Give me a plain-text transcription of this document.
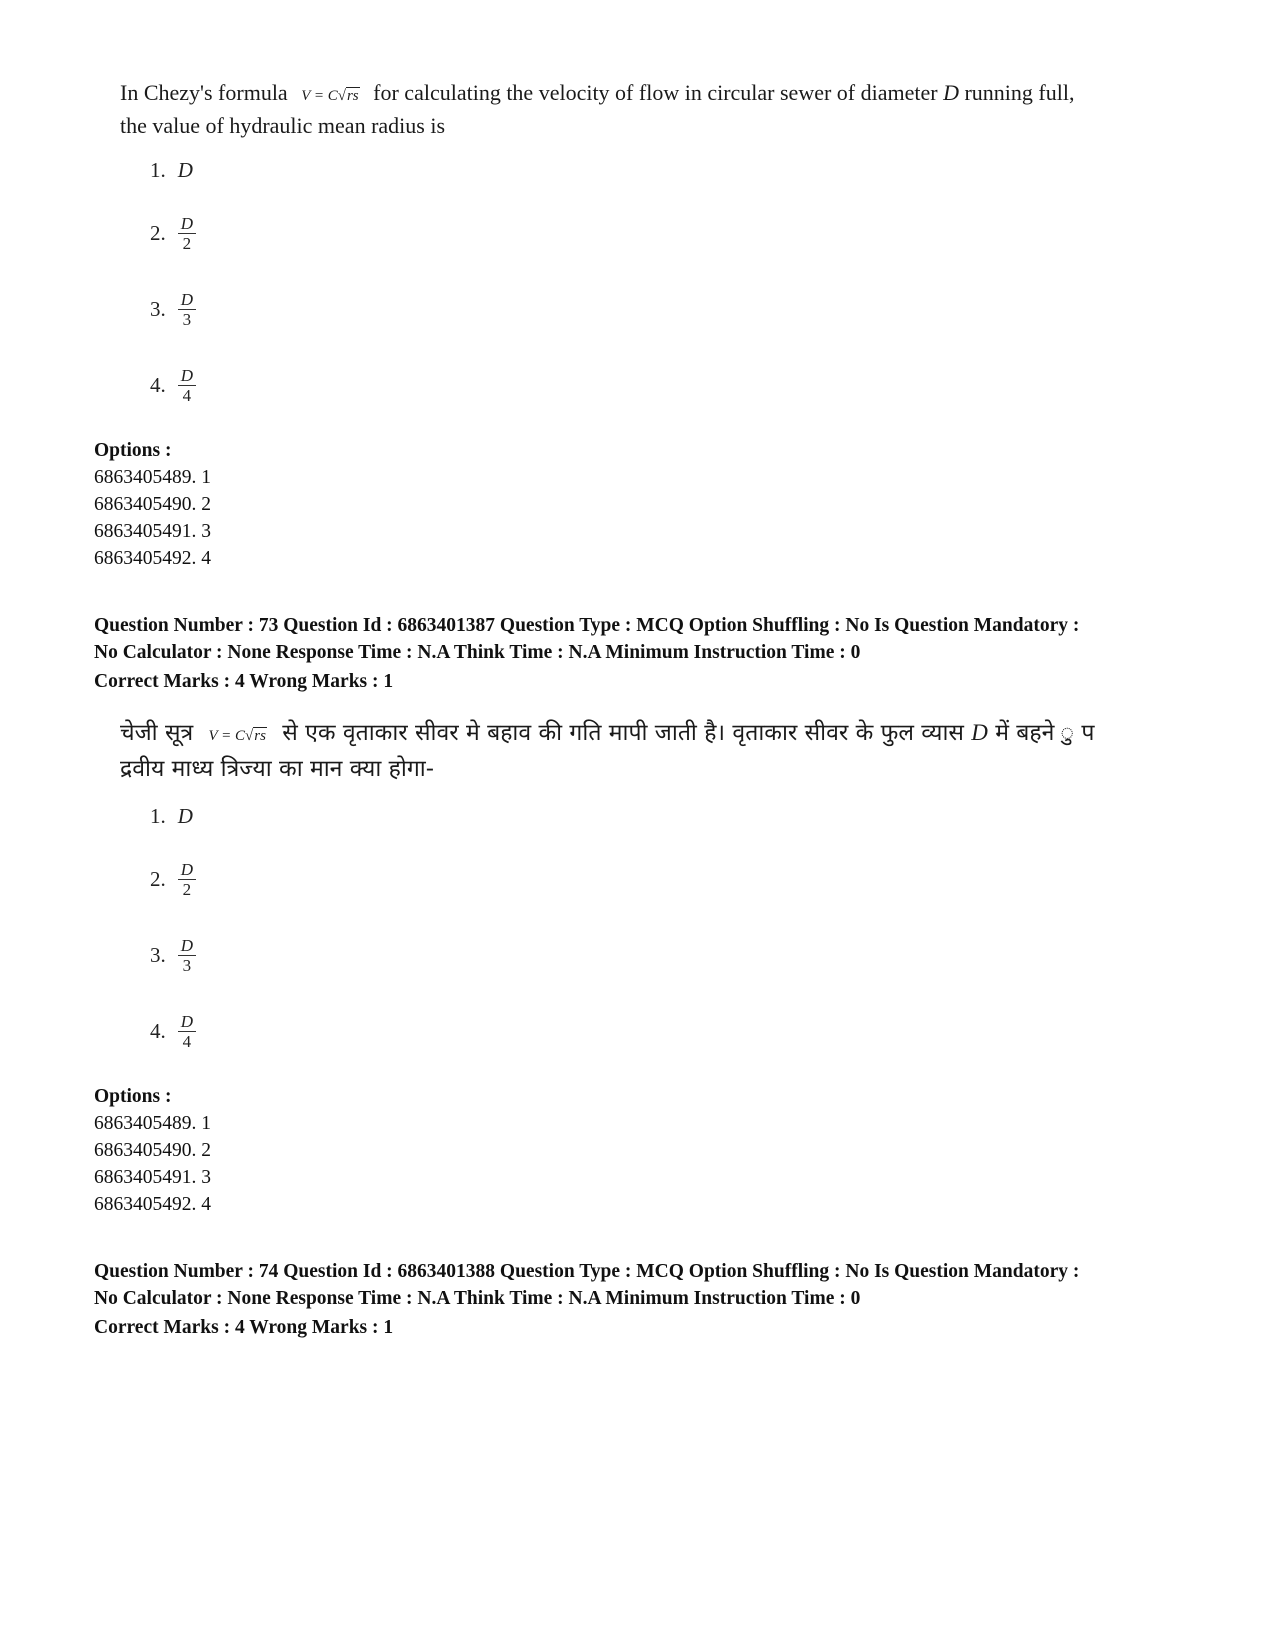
In Chezy's formula V = C√rs for calculating the velocity of flow in circular sewer of diameter D running full,
the value of hydraulic mean radius is
1. D
2. $\frac{D}{2}$
3. $\frac{D}{3}$
4. $\frac{D}{4}$
Options :
6863405489. 1
6863405490. 2
6863405491. 3
6863405492. 4
Question Number : 73 Question Id : 6863401387 Question Type : MCQ Option Shuffling : No Is Question Mandatory :
No Calculator : None Response Time : N.A Think Time : N.A Minimum Instruction Time : 0
Correct Marks : 4 Wrong Marks : 1
चेजी सूत्र V = C√rs से एक वृताकार सीवर मे बहाव की गति मापी जाती है। वृताकार सीवर के फुल व्यास D में बहने ु प
द्रवीय माध्य त्रिज्या का मान क्या होगा-
1. D
2. $\frac{D}{2}$
3. $\frac{D}{3}$
4. $\frac{D}{4}$
Options :
6863405489. 1
6863405490. 2
6863405491. 3
6863405492. 4
Question Number : 74 Question Id : 6863401388 Question Type : MCQ Option Shuffling : No Is Question Mandatory :
No Calculator : None Response Time : N.A Think Time : N.A Minimum Instruction Time : 0
Correct Marks : 4 Wrong Marks : 1
